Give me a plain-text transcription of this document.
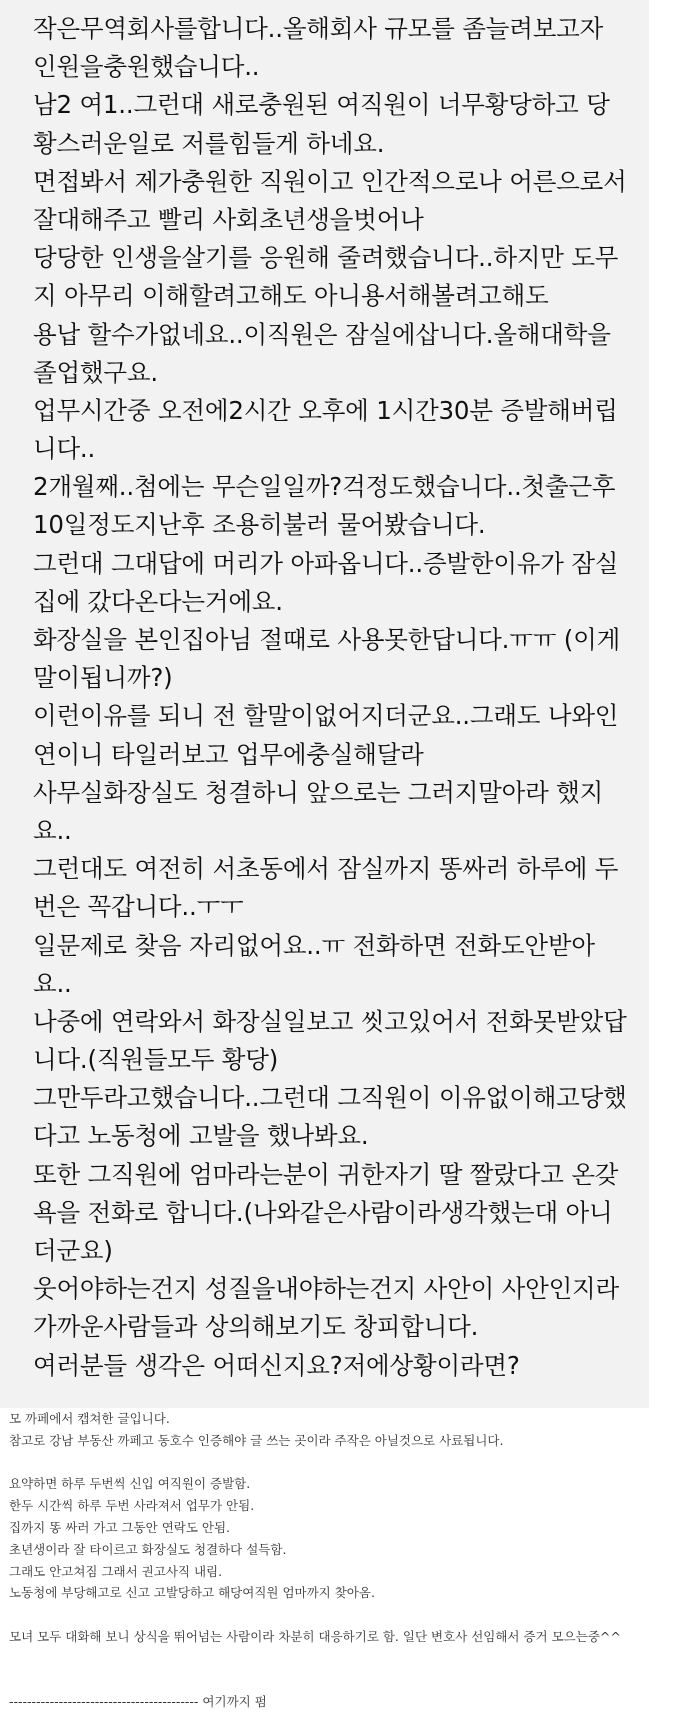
작은무역회사를합니다..올해회사 규모를 좀늘려보고자
인원을충원했습니다..
남2 여1..그런대 새로충원된 여직원이 너무황당하고 당
황스러운일로 저를힘들게 하네요.
면접봐서 제가충원한 직원이고 인간적으로나 어른으로서
잘대해주고 빨리 사회초년생을벗어나
당당한 인생을살기를 응원해 줄려했습니다..하지만 도무
지 아무리 이해할려고해도 아니용서해볼려고해도
용납 할수가없네요..이직원은 잠실에삽니다.올해대학을
졸업했구요.
업무시간중 오전에2시간 오후에 1시간30분 증발해버립
니다..
2개월째..첨에는 무슨일일까?걱정도했습니다..첫출근후
10일정도지난후 조용히불러 물어봤습니다.
그런대 그대답에 머리가 아파옵니다..증발한이유가 잠실
집에 갔다온다는거에요.
화장실을 본인집아님 절때로 사용못한답니다.ㅠㅠ (이게
말이됩니까?)
이런이유를 되니 전 할말이없어지더군요..그래도 나와인
연이니 타일러보고 업무에충실해달라
사무실화장실도 청결하니 앞으로는 그러지말아라 했지
요..
그런대도 여전히 서초동에서 잠실까지 똥싸러 하루에 두
번은 꼭갑니다..ㅜㅜ
일문제로 찾음 자리없어요..ㅠ 전화하면 전화도안받아
요..
나중에 연락와서 화장실일보고 씻고있어서 전화못받았답
니다.(직원들모두 황당)
그만두라고했습니다..그런대 그직원이 이유없이해고당했
다고 노동청에 고발을 했나봐요.
또한 그직원에 엄마라는분이 귀한자기 딸 짤랐다고 온갖
욕을 전화로 합니다.(나와같은사람이라생각했는대 아니
더군요)
웃어야하는건지 성질을내야하는건지 사안이 사안인지라
가까운사람들과 상의해보기도 창피합니다.
여러분들 생각은 어떠신지요?저에상황이라면?
모 까페에서 캡쳐한 글입니다.
참고로 강남 부동산 까페고 동호수 인증해야 글 쓰는 곳이라 주작은 아닐것으로 사료됩니다.
요약하면 하루 두번씩 신입 여직원이 증발함.
한두 시간씩 하루 두번 사라져서 업무가 안됨.
집까지 똥 싸러 가고 그동안 연락도 안됨.
초년생이라 잘 타이르고 화장실도 청결하다 설득함.
그래도 안고쳐짐 그래서 권고사직 내림.
노동청에 부당해고로 신고 고발당하고 해당여직원 엄마까지 찾아옴.
모녀 모두 대화해 보니 상식을 뛰어넘는 사람이라 차분히 대응하기로 함. 일단 변호사 선임해서 증거 모으는중^^
------------------------------------------ 여기까지 펌
